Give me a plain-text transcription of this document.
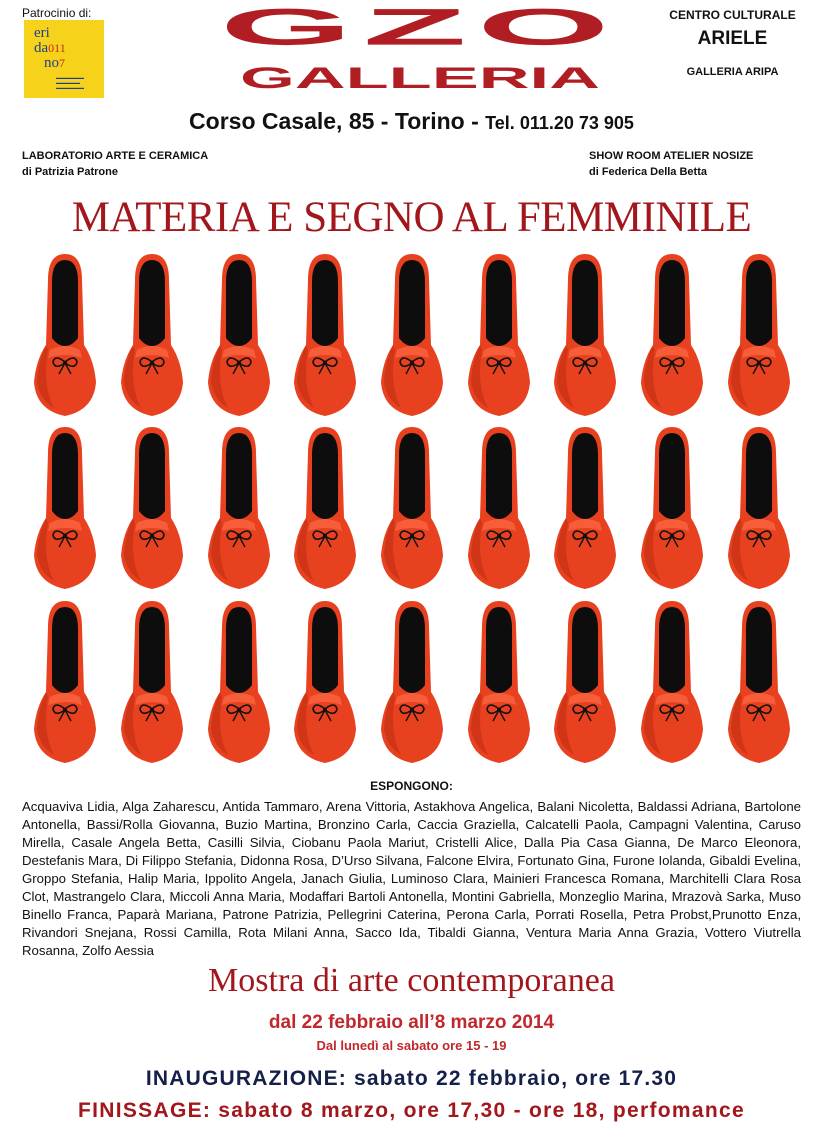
Patrocinio di:
eri
da011
no7
▬▬▬▬▬▬▬
▬▬▬▬▬▬
▬▬▬▬▬▬▬
GZO
GALLERIA
CENTRO CULTURALE
ARIELE
GALLERIA ARIPA
Corso Casale, 85 - Torino - Tel. 011.20 73 905
LABORATORIO ARTE E CERAMICA
di Patrizia Patrone
SHOW ROOM ATELIER NOSIZE
di Federica Della Betta
MATERIA E SEGNO AL FEMMINILE
ESPONGONO:
Acquaviva Lidia, Alga Zaharescu, Antida Tammaro, Arena Vittoria, Astakhova Angelica, Balani Nicoletta, Baldassi Adriana, Bartolone Antonella, Bassi/Rolla Giovanna, Buzio Martina, Bronzino Carla, Caccia Graziella, Calcatelli Paola, Campagni Valentina, Caruso Mirella, Casale Angela Betta, Casilli Silvia, Ciobanu Paola Mariut, Cristelli Alice, Dalla Pia Casa Gianna, De Marco Eleonora, Destefanis Mara, Di Filippo Stefania, Didonna Rosa, D’Urso Silvana, Falcone Elvira, Fortunato Gina, Furone Iolanda, Gibaldi Evelina, Groppo Stefania, Halip Maria, Ippolito Angela, Janach Giulia, Luminoso Clara, Mainieri Francesca Romana, Marchitelli Clara Rosa Clot, Mastrangelo Clara, Miccoli Anna Maria, Modaffari Bartoli Antonella, Montini Gabriella, Monzeglio Marina, Mrazovà Sarka, Muso Binello Franca, Paparà Mariana, Patrone Patrizia, Pellegrini Caterina, Perona Carla, Porrati Rosella, Petra Probst,Prunotto Enza, Rivandori Snejana, Rossi Camilla, Rota Milani Anna, Sacco Ida, Tibaldi Gianna, Ventura Maria Anna Grazia, Vottero Viutrella Rosanna, Zolfo Aessia
Mostra di arte contemporanea
dal 22 febbraio all’8 marzo 2014
Dal lunedì al sabato ore 15 - 19
INAUGURAZIONE: sabato 22 febbraio, ore 17.30
FINISSAGE: sabato 8 marzo, ore 17,30 - ore 18, perfomance
